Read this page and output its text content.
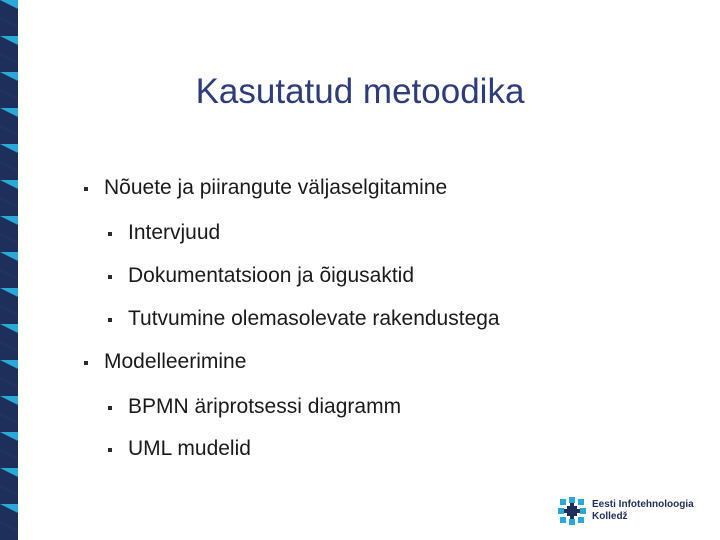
Kasutatud metoodika
Nõuete ja piirangute väljaselgitamine
Intervjuud
Dokumentatsioon ja õigusaktid
Tutvumine olemasolevate rakendustega
Modelleerimine
BPMN äriprotsessi diagramm
UML mudelid
Eesti Infotehnoloogia
Kolledž
